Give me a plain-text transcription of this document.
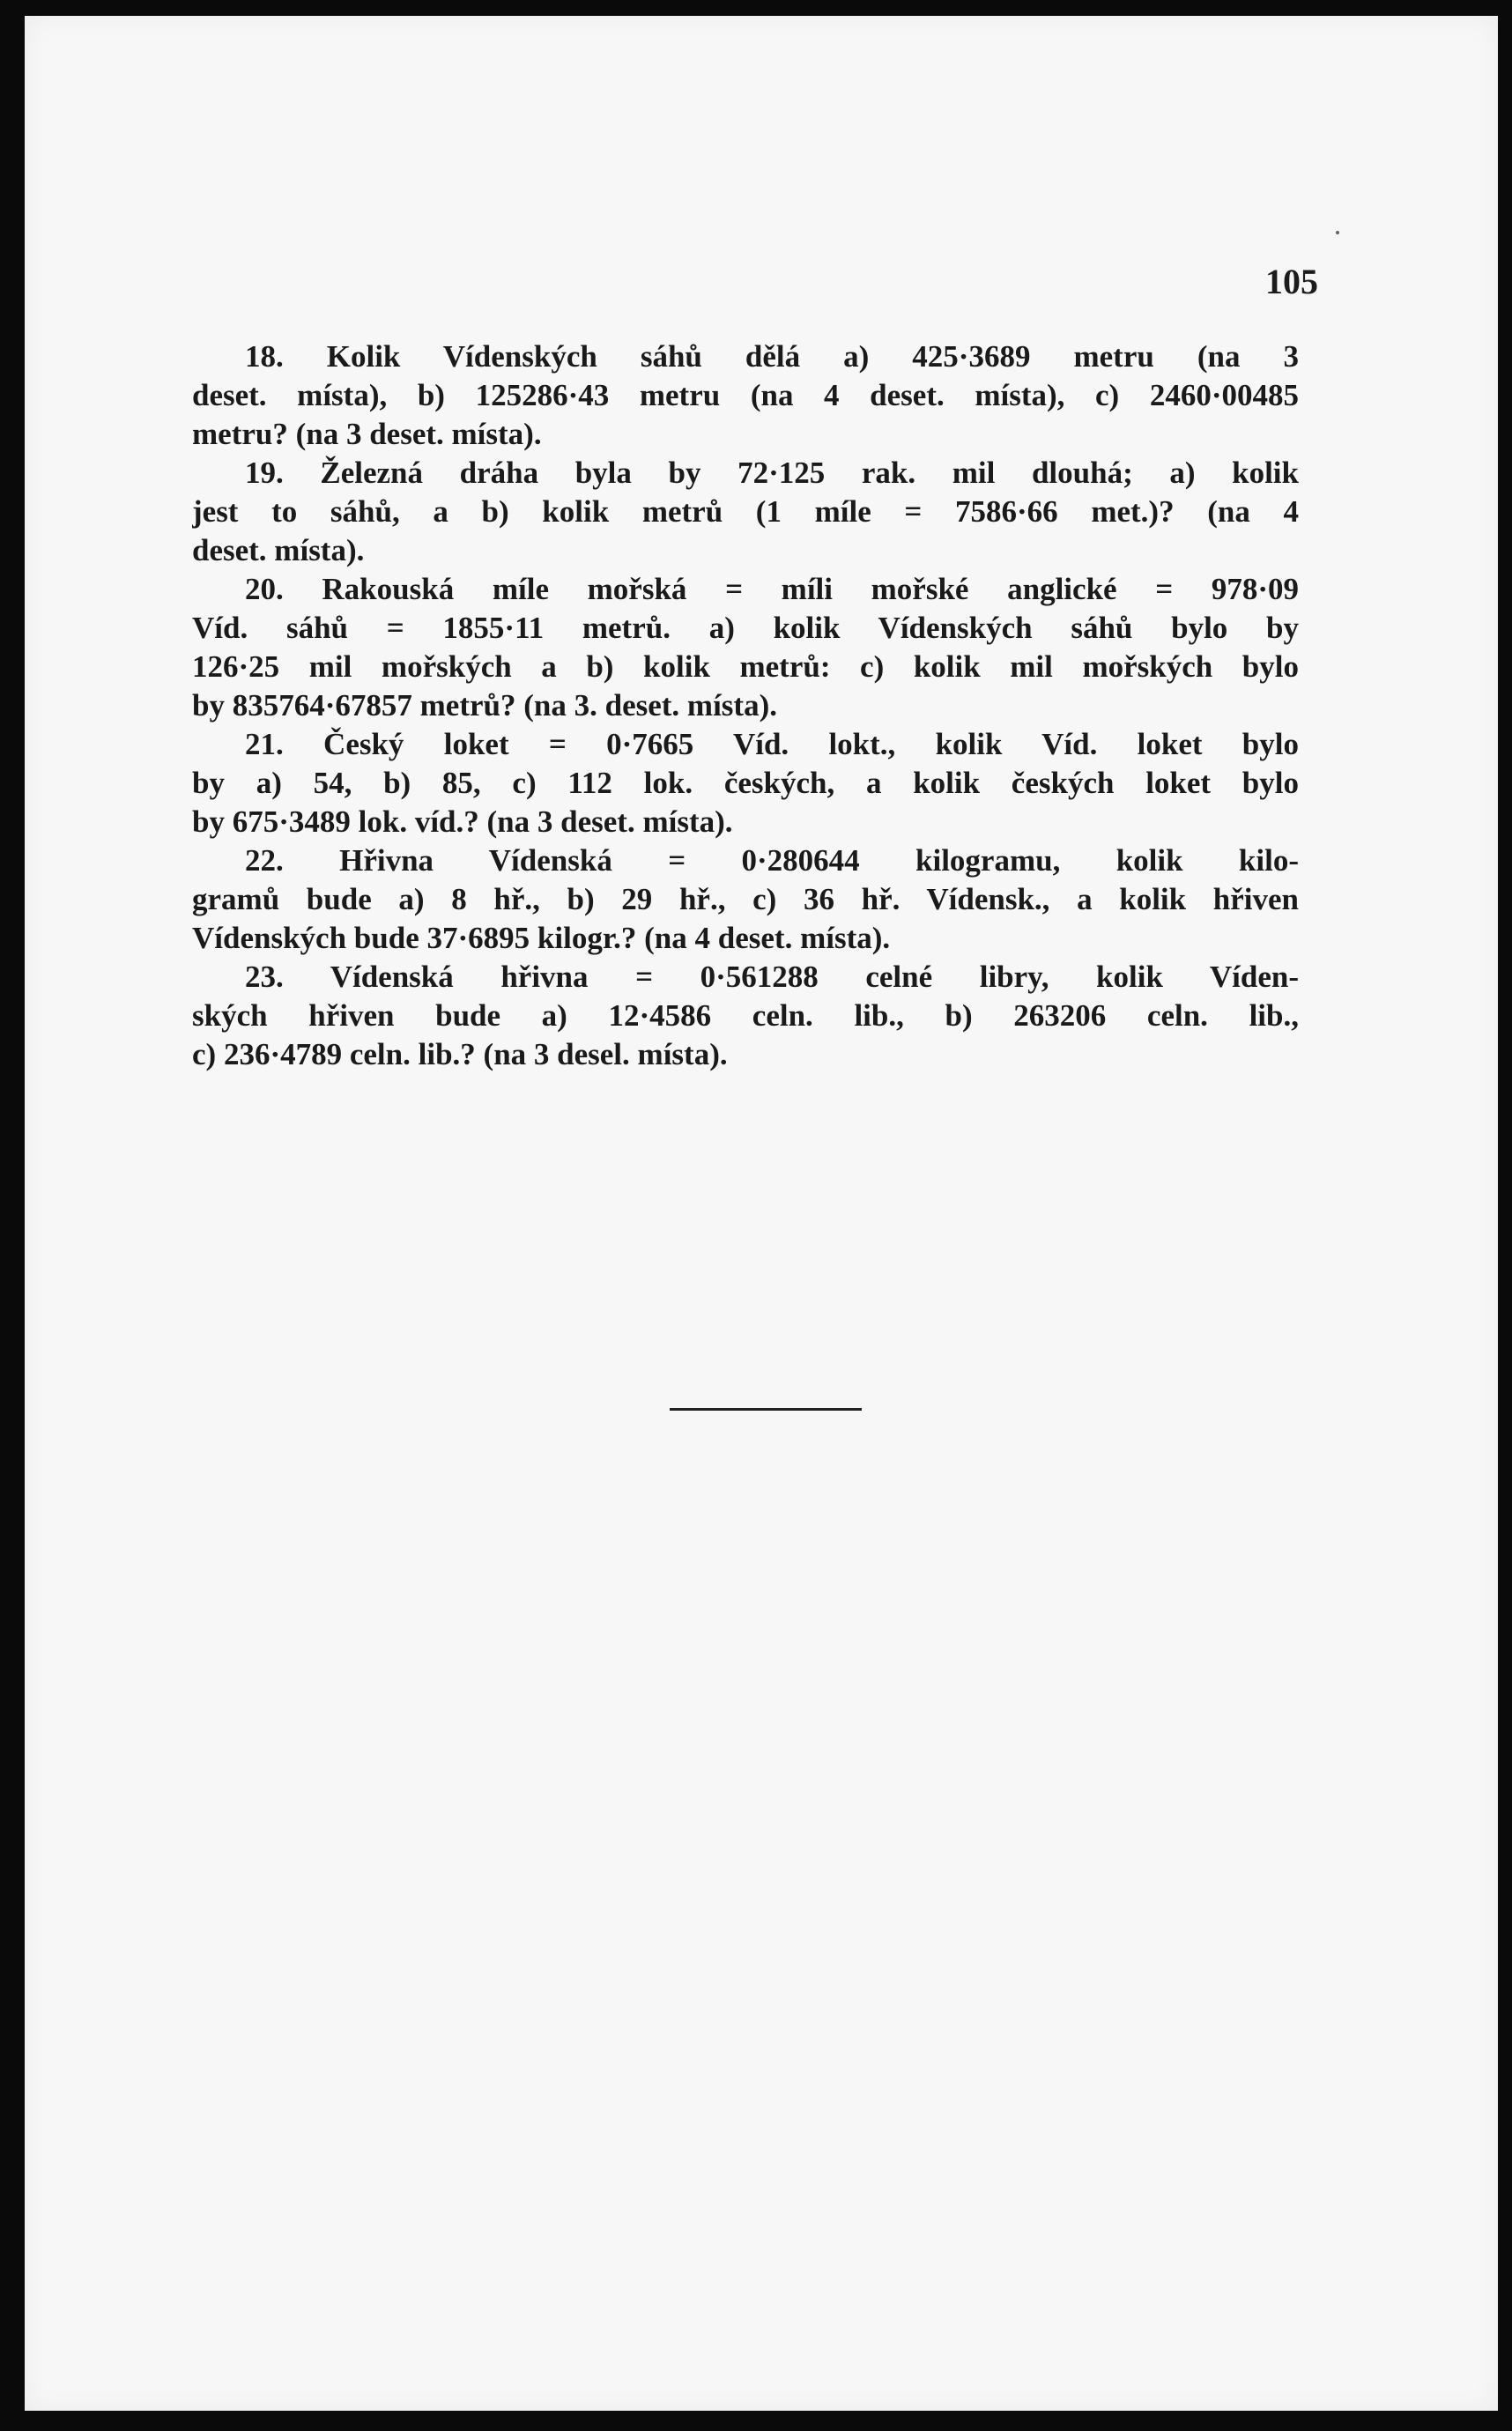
105
18. Kolik Vídenských sáhů dělá a) 425·3689 metru (na 3
deset. místa), b) 125286·43 metru (na 4 deset. místa), c) 2460·00485
metru? (na 3 deset. místa).
19. Železná dráha byla by 72·125 rak. mil dlouhá; a) kolik
jest to sáhů, a b) kolik metrů (1 míle = 7586·66 met.)? (na 4
deset. místa).
20. Rakouská míle mořská = míli mořské anglické = 978·09
Víd. sáhů = 1855·11 metrů. a) kolik Vídenských sáhů bylo by
126·25 mil mořských a b) kolik metrů: c) kolik mil mořských bylo
by 835764·67857 metrů? (na 3. deset. místa).
21. Český loket = 0·7665 Víd. lokt., kolik Víd. loket bylo
by a) 54, b) 85, c) 112 lok. českých, a kolik českých loket bylo
by 675·3489 lok. víd.? (na 3 deset. místa).
22. Hřivna Vídenská = 0·280644 kilogramu, kolik kilo-
gramů bude a) 8 hř., b) 29 hř., c) 36 hř. Vídensk., a kolik hřiven
Vídenských bude 37·6895 kilogr.? (na 4 deset. místa).
23. Vídenská hřivna = 0·561288 celné libry, kolik Víden-
ských hřiven bude a) 12·4586 celn. lib., b) 263206 celn. lib.,
c) 236·4789 celn. lib.? (na 3 desel. místa).
